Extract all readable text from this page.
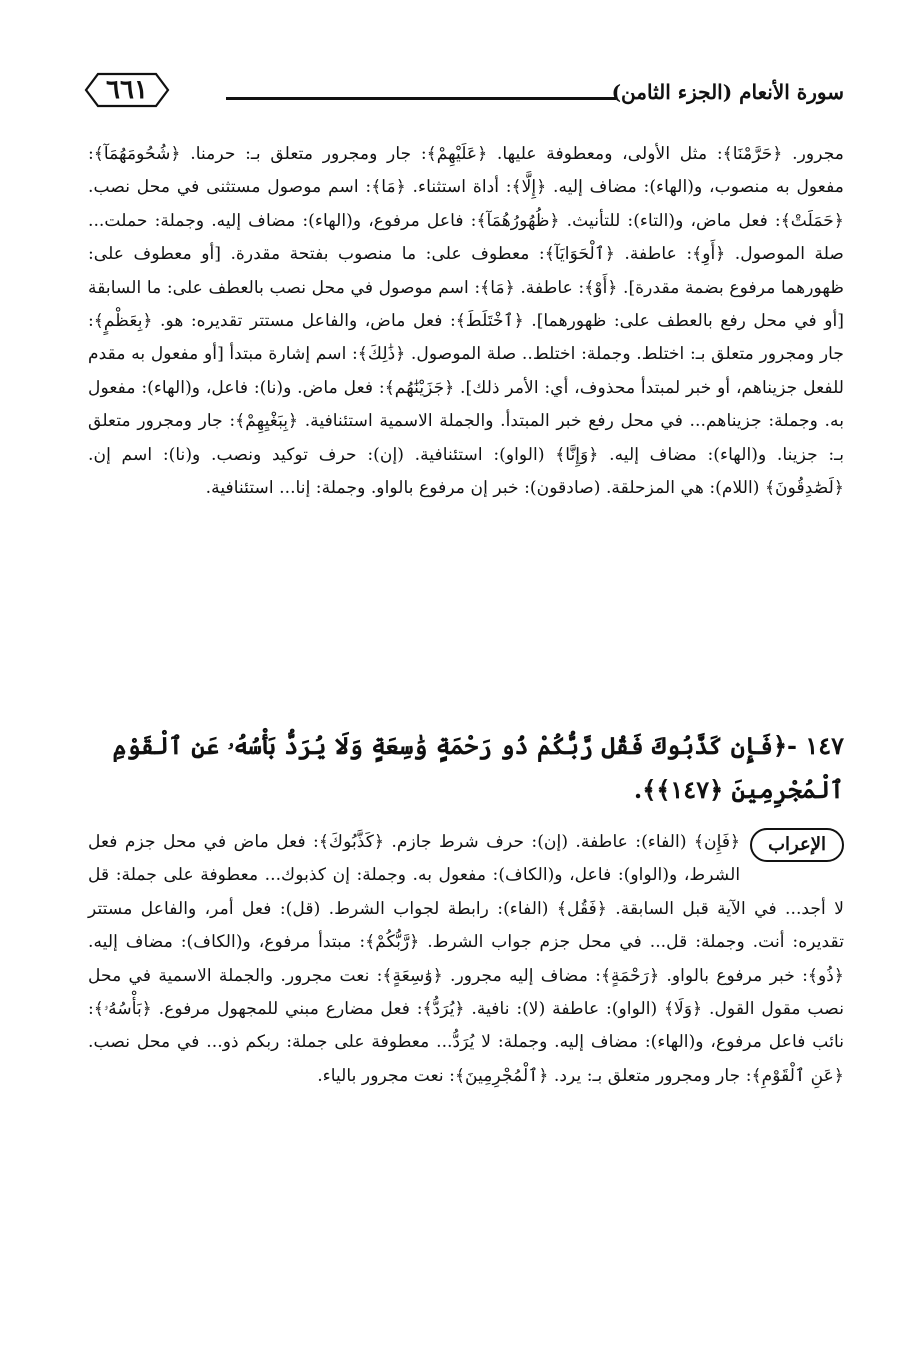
٦٦١	سورة الأنعام (الجزء الثامن)
مجرور. ﴿حَرَّمْنَا﴾: مثل الأولى، ومعطوفة عليها. ﴿عَلَيْهِمْ﴾: جار ومجرور متعلق بـ: حرمنا. ﴿شُحُومَهُمَآ﴾: مفعول به منصوب، و(الهاء): مضاف إليه. ﴿إِلَّا﴾: أداة استثناء. ﴿مَا﴾: اسم موصول مستثنى في محل نصب. ﴿حَمَلَتْ﴾: فعل ماض، و(التاء): للتأنيث. ﴿ظُهُورُهُمَآ﴾: فاعل مرفوع، و(الهاء): مضاف إليه. وجملة: حملت... صلة الموصول. ﴿أَوِ﴾: عاطفة. ﴿ٱلْحَوَايَآ﴾: معطوف على: ما منصوب بفتحة مقدرة. [أو معطوف على: ظهورهما مرفوع بضمة مقدرة]. ﴿أَوْ﴾: عاطفة. ﴿مَا﴾: اسم موصول في محل نصب بالعطف على: ما السابقة [أو في محل رفع بالعطف على: ظهورهما]. ﴿ٱخْتَلَطَ﴾: فعل ماض، والفاعل مستتر تقديره: هو. ﴿بِعَظْمٍ﴾: جار ومجرور متعلق بـ: اختلط. وجملة: اختلط.. صلة الموصول. ﴿ذَٰلِكَ﴾: اسم إشارة مبتدأ [أو مفعول به مقدم للفعل جزيناهم، أو خبر لمبتدأ محذوف، أي: الأمر ذلك]. ﴿جَزَيْنَٰهُم﴾: فعل ماض. و(نا): فاعل، و(الهاء): مفعول به. وجملة: جزيناهم... في محل رفع خبر المبتدأ. والجملة الاسمية استئنافية. ﴿بِبَغْيِهِمْ﴾: جار ومجرور متعلق بـ: جزينا. و(الهاء): مضاف إليه. ﴿وَإِنَّا﴾ (الواو): استئنافية. (إن): حرف توكيد ونصب. و(نا): اسم إن. ﴿لَصَٰدِقُونَ﴾ (اللام): هي المزحلقة. (صادقون): خبر إن مرفوع بالواو. وجملة: إنا... استئنافية.
١٤٧ -﴿فَإِن كَذَّبُوكَ فَقُل رَّبُّكُمْ ذُو رَحْمَةٍ وَٰسِعَةٍ وَلَا يُرَدُّ بَأْسُهُۥ عَنِ ٱلْقَوْمِ ٱلْمُجْرِمِينَ ﴿١٤٧﴾﴾.
الإعراب
﴿فَإِن﴾ (الفاء): عاطفة. (إن): حرف شرط جازم. ﴿كَذَّبُوكَ﴾: فعل ماض في محل جزم فعل الشرط، و(الواو): فاعل، و(الكاف): مفعول به. وجملة: إن كذبوك... معطوفة على جملة: قل لا أجد... في الآية قبل السابقة. ﴿فَقُل﴾ (الفاء): رابطة لجواب الشرط. (قل): فعل أمر، والفاعل مستتر تقديره: أنت. وجملة: قل... في محل جزم جواب الشرط. ﴿رَّبُّكُمْ﴾: مبتدأ مرفوع، و(الكاف): مضاف إليه. ﴿ذُو﴾: خبر مرفوع بالواو. ﴿رَحْمَةٍ﴾: مضاف إليه مجرور. ﴿وَٰسِعَةٍ﴾: نعت مجرور. والجملة الاسمية في محل نصب مقول القول. ﴿وَلَا﴾ (الواو): عاطفة (لا): نافية. ﴿يُرَدُّ﴾: فعل مضارع مبني للمجهول مرفوع. ﴿بَأْسُهُۥ﴾: نائب فاعل مرفوع، و(الهاء): مضاف إليه. وجملة: لا يُرَدُّ... معطوفة على جملة: ربكم ذو... في محل نصب. ﴿عَنِ ٱلْقَوْمِ﴾: جار ومجرور متعلق بـ: يرد. ﴿ٱلْمُجْرِمِينَ﴾: نعت مجرور بالياء.
